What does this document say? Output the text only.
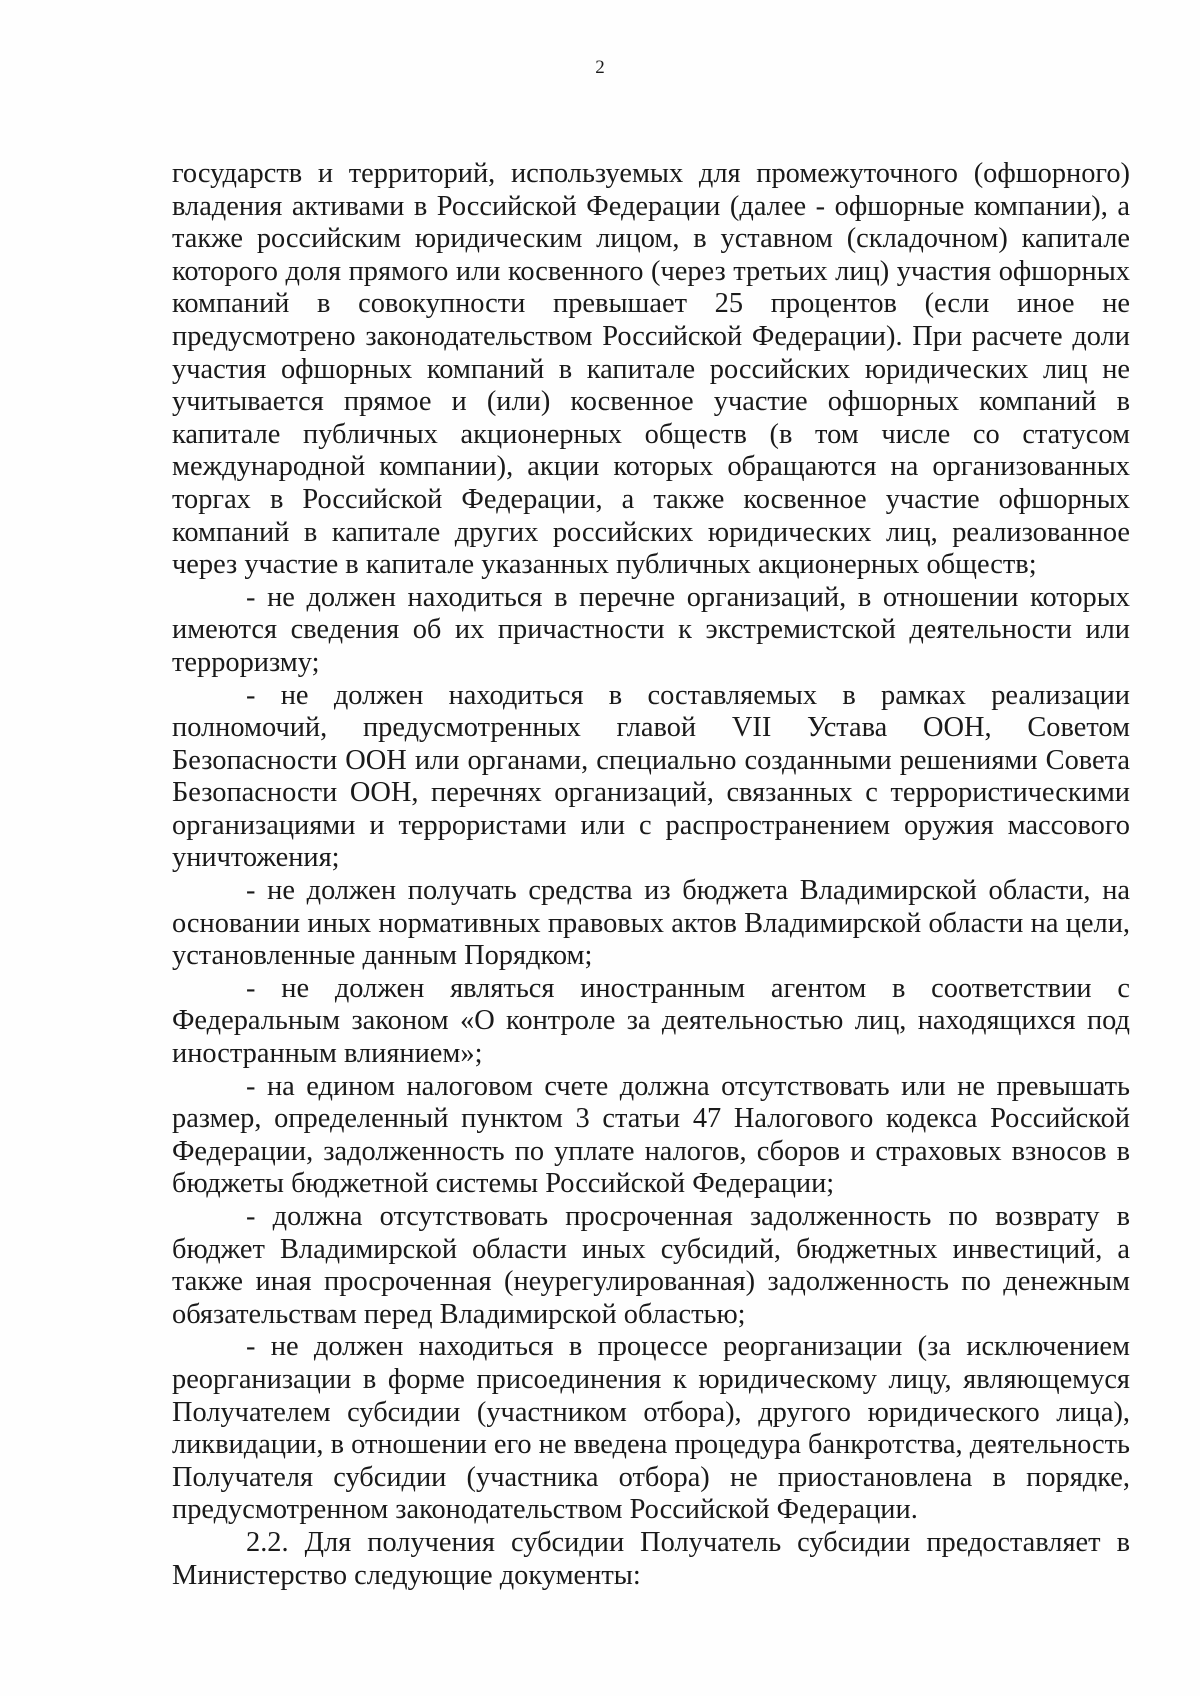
2

государств и территорий, используемых для промежуточного (офшорного) владения активами в Российской Федерации (далее - офшорные компании), а также российским юридическим лицом, в уставном (складочном) капитале которого доля прямого или косвенного (через третьих лиц) участия офшорных компаний в совокупности превышает 25 процентов (если иное не предусмотрено законодательством Российской Федерации). При расчете доли участия офшорных компаний в капитале российских юридических лиц не учитывается прямое и (или) косвенное участие офшорных компаний в капитале публичных акционерных обществ (в том числе со статусом международной компании), акции которых обращаются на организованных торгах в Российской Федерации, а также косвенное участие офшорных компаний в капитале других российских юридических лиц, реализованное через участие в капитале указанных публичных акционерных обществ;

- не должен находиться в перечне организаций, в отношении которых имеются сведения об их причастности к экстремистской деятельности или терроризму;

- не должен находиться в составляемых в рамках реализации полномочий, предусмотренных главой VII Устава ООН, Советом Безопасности ООН или органами, специально созданными решениями Совета Безопасности ООН, перечнях организаций, связанных с террористическими организациями и террористами или с распространением оружия массового уничтожения;

- не должен получать средства из бюджета Владимирской области, на основании иных нормативных правовых актов Владимирской области на цели, установленные данным Порядком;

- не должен являться иностранным агентом в соответствии с Федеральным законом «О контроле за деятельностью лиц, находящихся под иностранным влиянием»;

- на едином налоговом счете должна отсутствовать или не превышать размер, определенный пунктом 3 статьи 47 Налогового кодекса Российской Федерации, задолженность по уплате налогов, сборов и страховых взносов в бюджеты бюджетной системы Российской Федерации;

- должна отсутствовать просроченная задолженность по возврату в бюджет Владимирской области иных субсидий, бюджетных инвестиций, а также иная просроченная (неурегулированная) задолженность по денежным обязательствам перед Владимирской областью;

- не должен находиться в процессе реорганизации (за исключением реорганизации в форме присоединения к юридическому лицу, являющемуся Получателем субсидии (участником отбора), другого юридического лица), ликвидации, в отношении его не введена процедура банкротства, деятельность Получателя субсидии (участника отбора) не приостановлена в порядке, предусмотренном законодательством Российской Федерации.

2.2. Для получения субсидии Получатель субсидии предоставляет в Министерство следующие документы:
